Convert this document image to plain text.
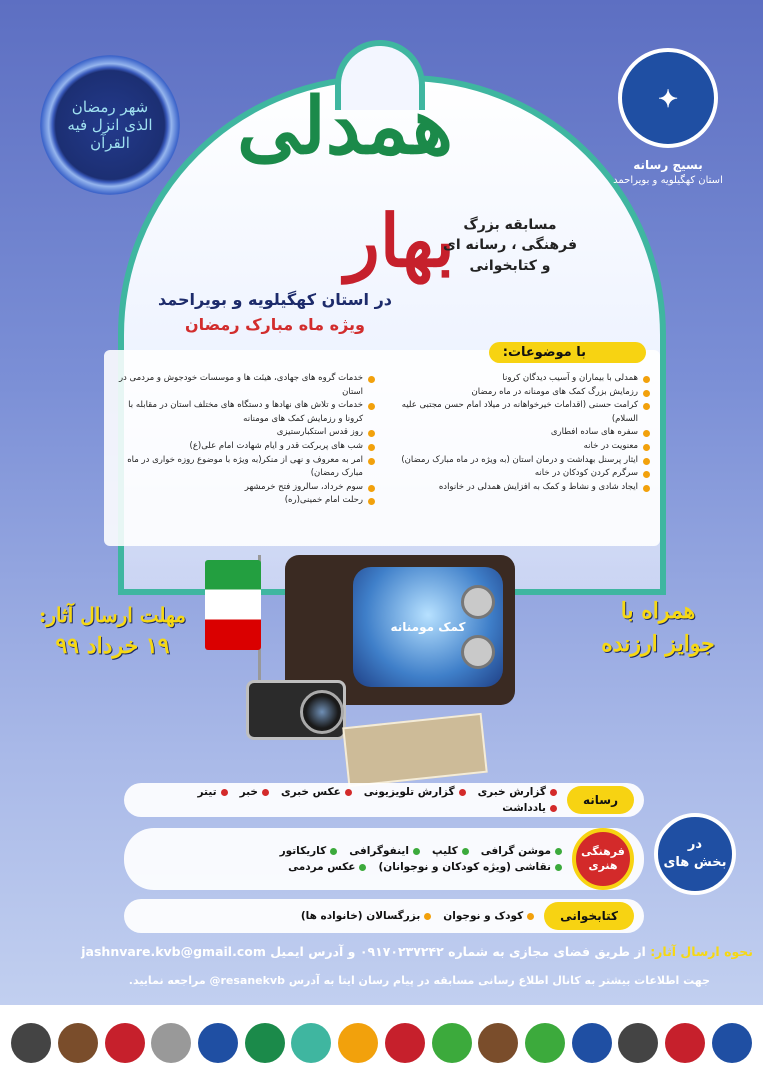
شهر رمضان الذی انزل فیه القرآن
✦
بسیج رسانه
استان کهگیلویه و بویراحمد
همدلی
بهار مسابقه بزرگ
فرهنگی ، رسانه ای
و کتابخوانی
در استان کهگیلویه و بویراحمد
ویژه ماه مبارک رمضان
با موضوعات:
همدلی با بیماران و آسیب دیدگان کرونا
رزمایش بزرگ کمک های مومنانه در ماه رمضان
کرامت حسنی (اقدامات خیرخواهانه در میلاد امام حسن مجتبی علیه السلام)
سفره های ساده افطاری
معنویت در خانه
ایثار پرسنل بهداشت و درمان استان (به ویژه در ماه مبارک رمضان)
سرگرم کردن کودکان در خانه
ایجاد شادی و نشاط و کمک به افزایش همدلی در خانواده
خدمات گروه های جهادی، هیئت ها و موسسات خودجوش و مردمی در استان
خدمات و تلاش های نهادها و دستگاه های مختلف استان در مقابله با کرونا و رزمایش کمک های مومنانه
روز قدس استکبارستیزی
شب های پربرکت قدر و ایام شهادت امام علی(ع)
امر به معروف و نهی از منکر(به ویژه با موضوع روزه خواری در ماه مبارک رمضان)
سوم خرداد، سالروز فتح خرمشهر
رحلت امام خمینی(ره)
کمک مومنانه
مهلت ارسال آثار:
۱۹ خرداد ۹۹
همراه با
جوایز ارزنده
در
بخش های
رسانه
گزارش خبری
گزارش تلویزیونی
عکس خبری
خبر
تیتر
یادداشت
فرهنگی
هنری
موشن گرافی
کلیپ
اینفوگرافی
کاریکاتور
نقاشی (ویژه کودکان و نوجوانان)
عکس مردمی
کتابخوانی
کودک و نوجوان
بزرگسالان (خانواده ها)
نحوه ارسال آثار: از طریق فضای مجازی به شماره ۰۹۱۷۰۲۳۷۲۴۲ و آدرس ایمیل jashnvare.kvb@gmail.com
جهت اطلاعات بیشتر به کانال اطلاع رسانی مسابقه در پیام رسان ایتا به آدرس resanekvb@ مراجعه نمایید.
